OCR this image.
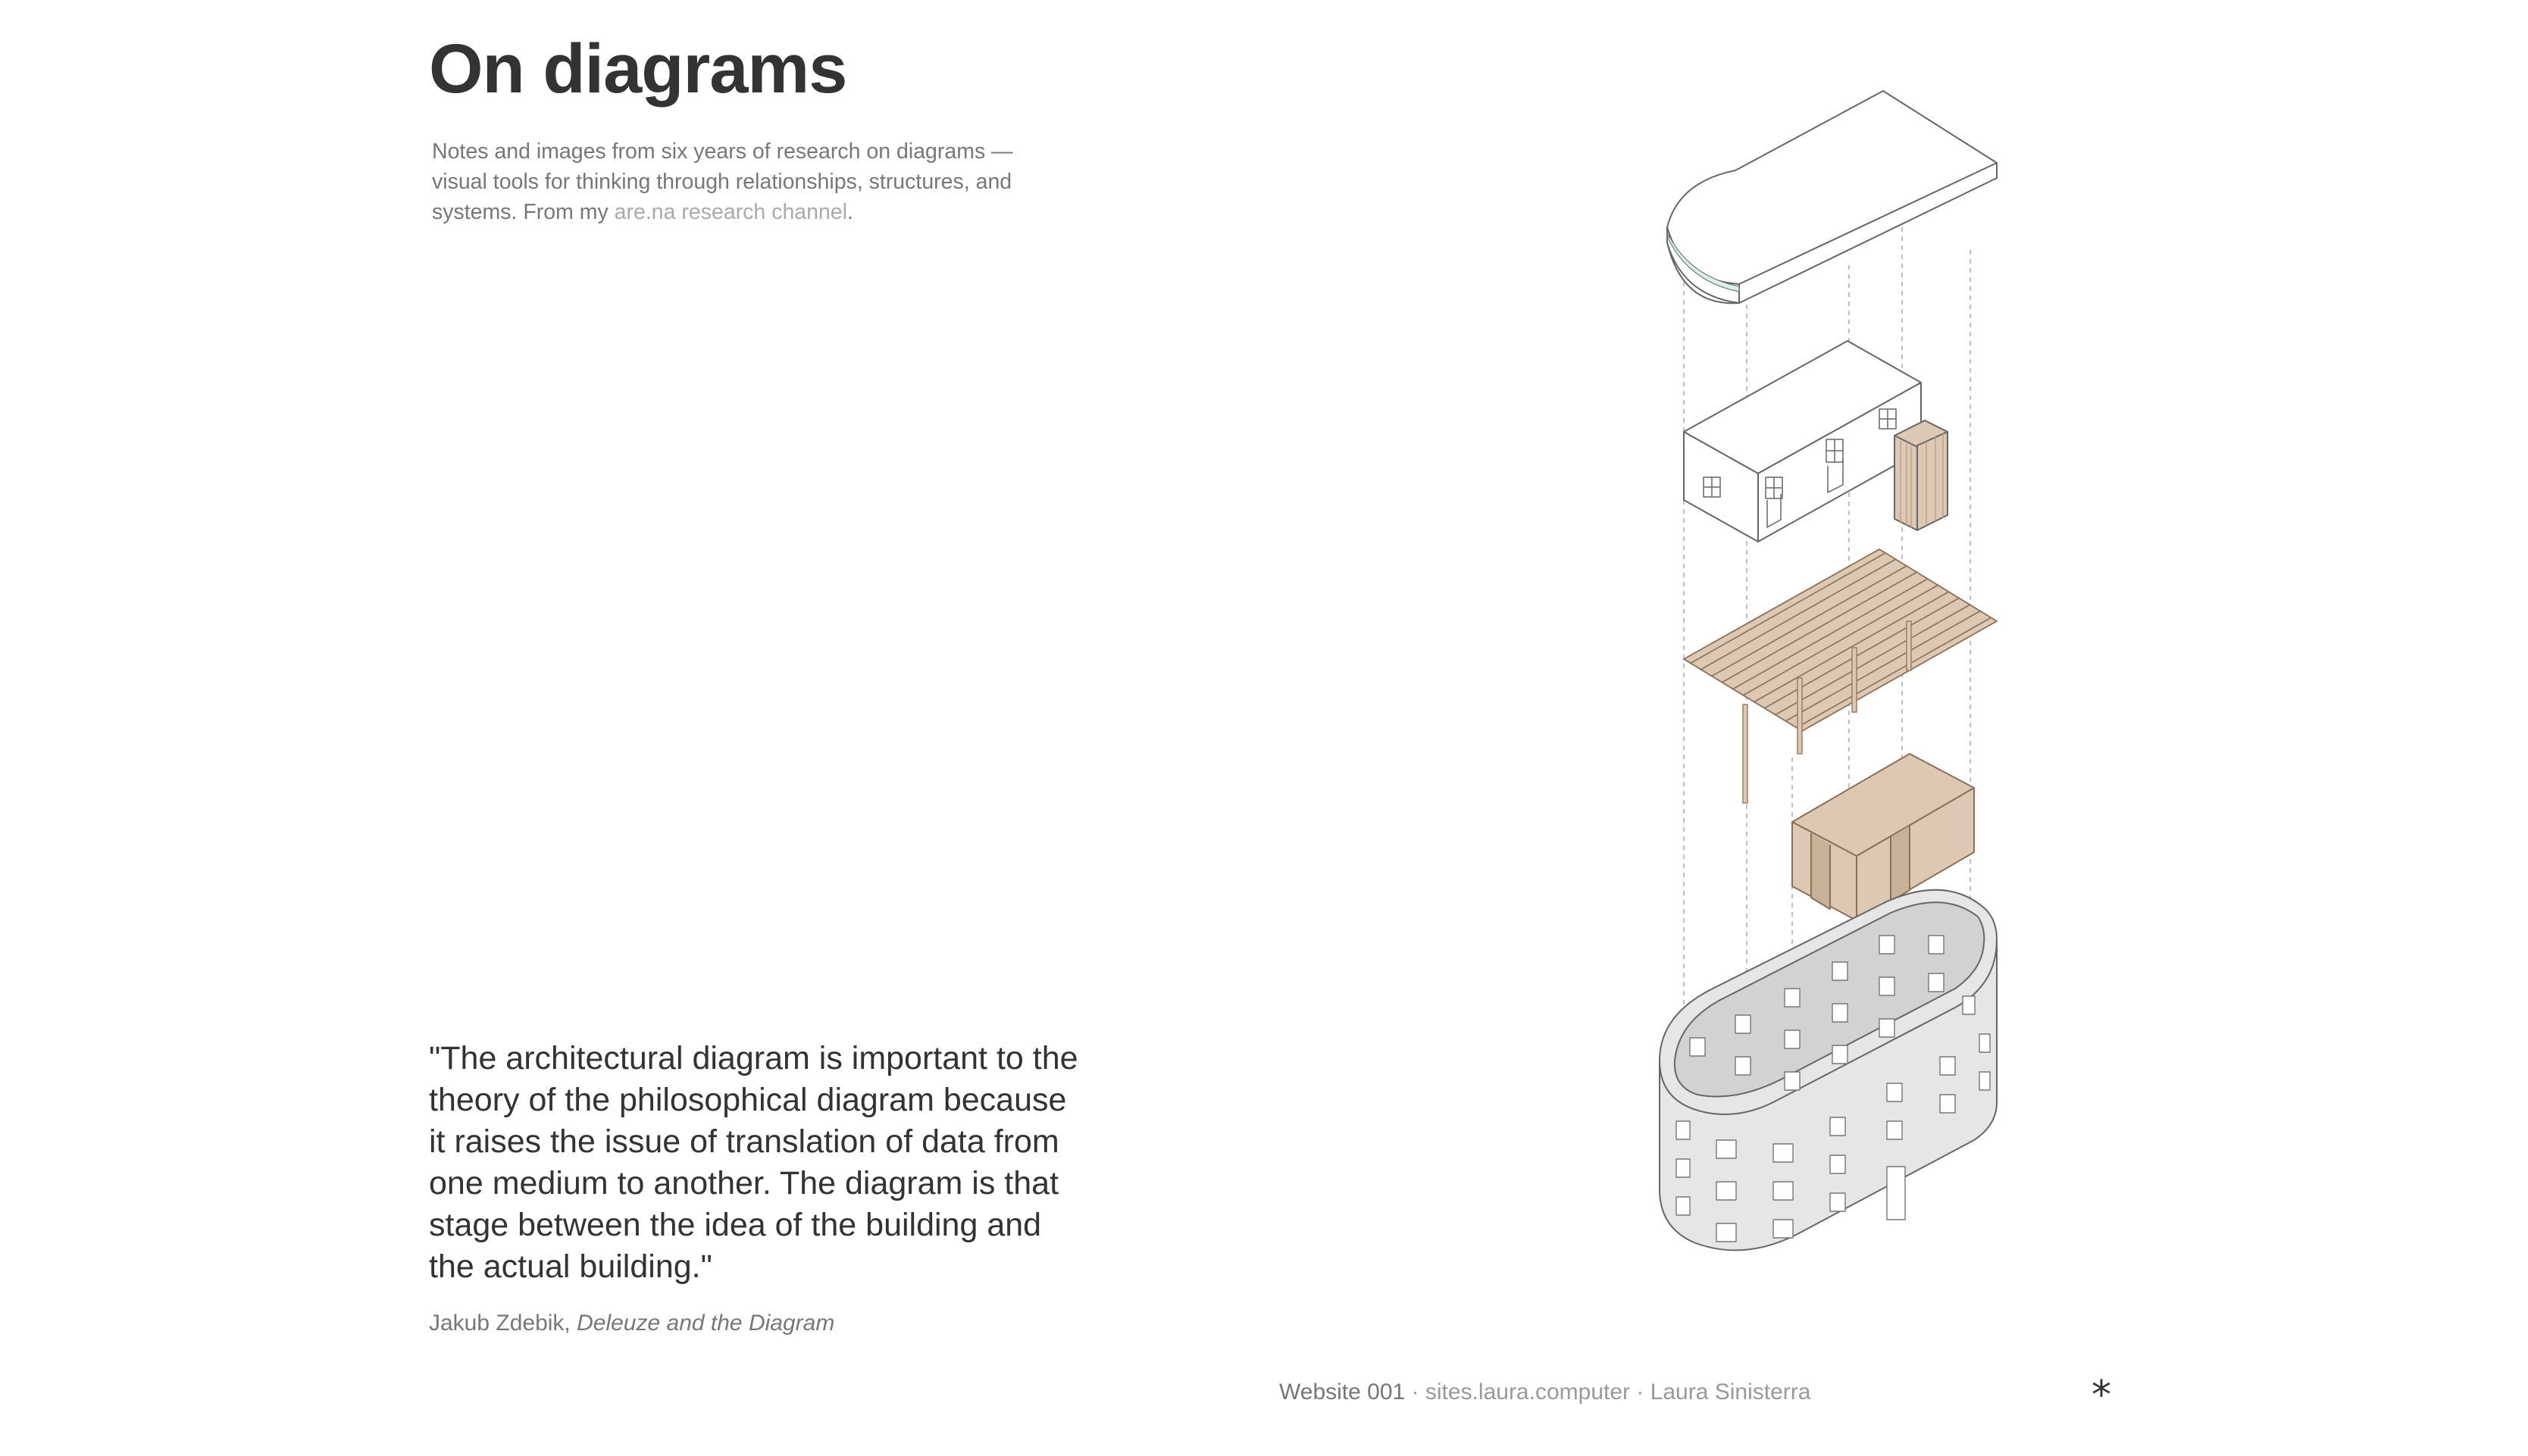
On diagrams

Notes and images from six years of research on diagrams — visual tools for thinking through relationships, structures, and systems. From my are.na research channel.

"The architectural diagram is important to the theory of the philosophical diagram because it raises the issue of translation of data from one medium to another. The diagram is that stage between the idea of the building and the actual building."

Jakub Zdebik, Deleuze and the Diagram

Website 001 · sites.laura.computer · Laura Sinisterra	*
